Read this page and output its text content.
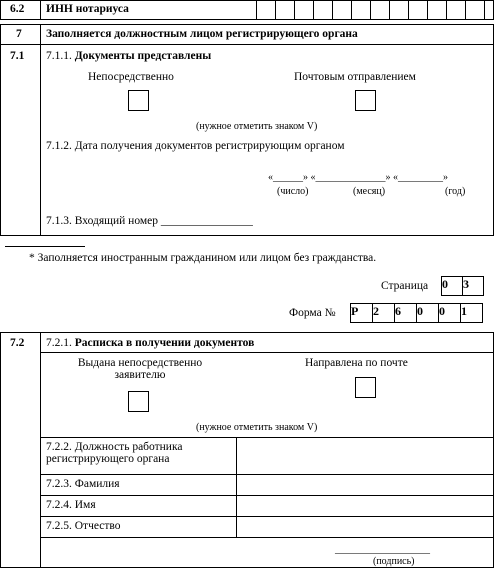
6.2 ИНН нотариуса
7 Заполняется должностным лицом регистрирующего органа
7.1 7.1.1. Документы представлены
Непосредственно	Почтовым отправлением
(нужное отметить знаком V)
7.1.2. Дата получения документов регистрирующим органом
«______» «______________» «_________»
(число)	(месяц)	(год)
7.1.3. Входящий номер ________________
* Заполняется иностранным гражданином или лицом без гражданства.
Страница 0	3
Форма № Р	2	6	0	0	1
7.2 7.2.1. Расписка в получении документов
Выдана непосредственно
заявителю
Направлена по почте
(нужное отметить знаком V)
7.2.2. Должность работника
регистрирующего органа
7.2.3. Фамилия
7.2.4. Имя
7.2.5. Отчество
___________________
(подпись)
